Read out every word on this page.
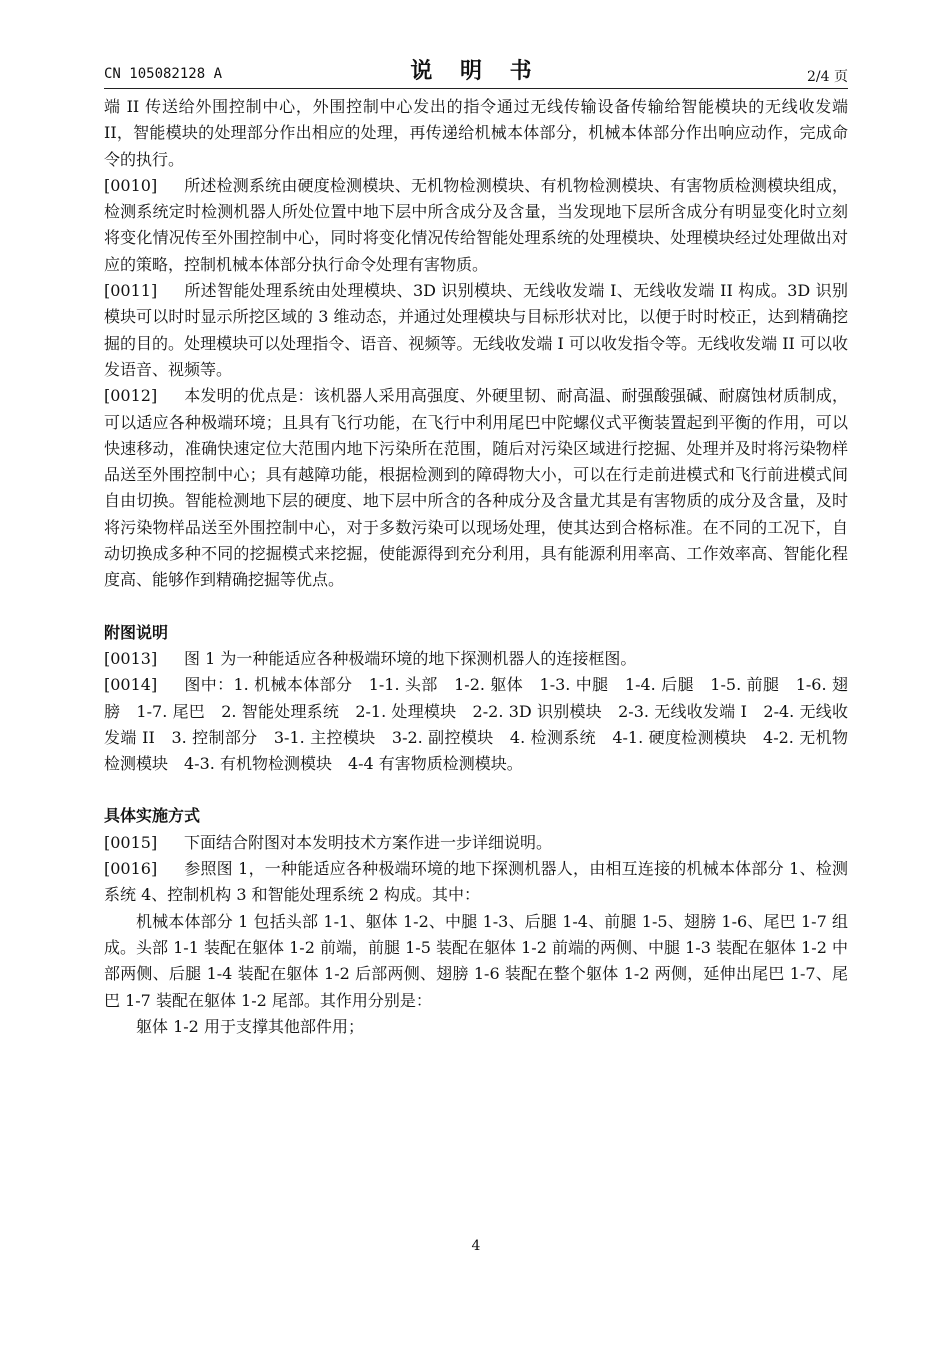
CN 105082128 A	说 明 书	2/4 页

端 II 传送给外围控制中心，外围控制中心发出的指令通过无线传输设备传输给智能模块的无线收发端 II，智能模块的处理部分作出相应的处理，再传递给机械本体部分，机械本体部分作出响应动作，完成命令的执行。

[0010] 所述检测系统由硬度检测模块、无机物检测模块、有机物检测模块、有害物质检测模块组成，检测系统定时检测机器人所处位置中地下层中所含成分及含量，当发现地下层所含成分有明显变化时立刻将变化情况传至外围控制中心，同时将变化情况传给智能处理系统的处理模块、处理模块经过处理做出对应的策略，控制机械本体部分执行命令处理有害物质。

[0011] 所述智能处理系统由处理模块、3D 识别模块、无线收发端 I、无线收发端 II 构成。3D 识别模块可以时时显示所挖区域的 3 维动态，并通过处理模块与目标形状对比，以便于时时校正，达到精确挖掘的目的。处理模块可以处理指令、语音、视频等。无线收发端 I 可以收发指令等。无线收发端 II 可以收发语音、视频等。

[0012] 本发明的优点是：该机器人采用高强度、外硬里韧、耐高温、耐强酸强碱、耐腐蚀材质制成，可以适应各种极端环境；且具有飞行功能，在飞行中利用尾巴中陀螺仪式平衡装置起到平衡的作用，可以快速移动，准确快速定位大范围内地下污染所在范围，随后对污染区域进行挖掘、处理并及时将污染物样品送至外围控制中心；具有越障功能，根据检测到的障碍物大小，可以在行走前进模式和飞行前进模式间自由切换。智能检测地下层的硬度、地下层中所含的各种成分及含量尤其是有害物质的成分及含量，及时将污染物样品送至外围控制中心，对于多数污染可以现场处理，使其达到合格标准。在不同的工况下，自动切换成多种不同的挖掘模式来挖掘，使能源得到充分利用，具有能源利用率高、工作效率高、智能化程度高、能够作到精确挖掘等优点。

附图说明

[0013] 图 1 为一种能适应各种极端环境的地下探测机器人的连接框图。

[0014] 图中：1. 机械本体部分　1-1. 头部　1-2. 躯体　1-3. 中腿　1-4. 后腿　1-5. 前腿　1-6. 翅膀　1-7. 尾巴　2. 智能处理系统　2-1. 处理模块　2-2. 3D 识别模块　2-3. 无线收发端 I　2-4. 无线收发端 II　3. 控制部分　3-1. 主控模块　3-2. 副控模块　4. 检测系统　4-1. 硬度检测模块　4-2. 无机物检测模块　4-3. 有机物检测模块　4-4 有害物质检测模块。

具体实施方式

[0015] 下面结合附图对本发明技术方案作进一步详细说明。

[0016] 参照图 1，一种能适应各种极端环境的地下探测机器人，由相互连接的机械本体部分 1、检测系统 4、控制机构 3 和智能处理系统 2 构成。其中：

机械本体部分 1 包括头部 1-1、躯体 1-2、中腿 1-3、后腿 1-4、前腿 1-5、翅膀 1-6、尾巴 1-7 组成。头部 1-1 装配在躯体 1-2 前端，前腿 1-5 装配在躯体 1-2 前端的两侧、中腿 1-3 装配在躯体 1-2 中部两侧、后腿 1-4 装配在躯体 1-2 后部两侧、翅膀 1-6 装配在整个躯体 1-2 两侧，延伸出尾巴 1-7、尾巴 1-7 装配在躯体 1-2 尾部。其作用分别是：

躯体 1-2 用于支撑其他部件用；

4
